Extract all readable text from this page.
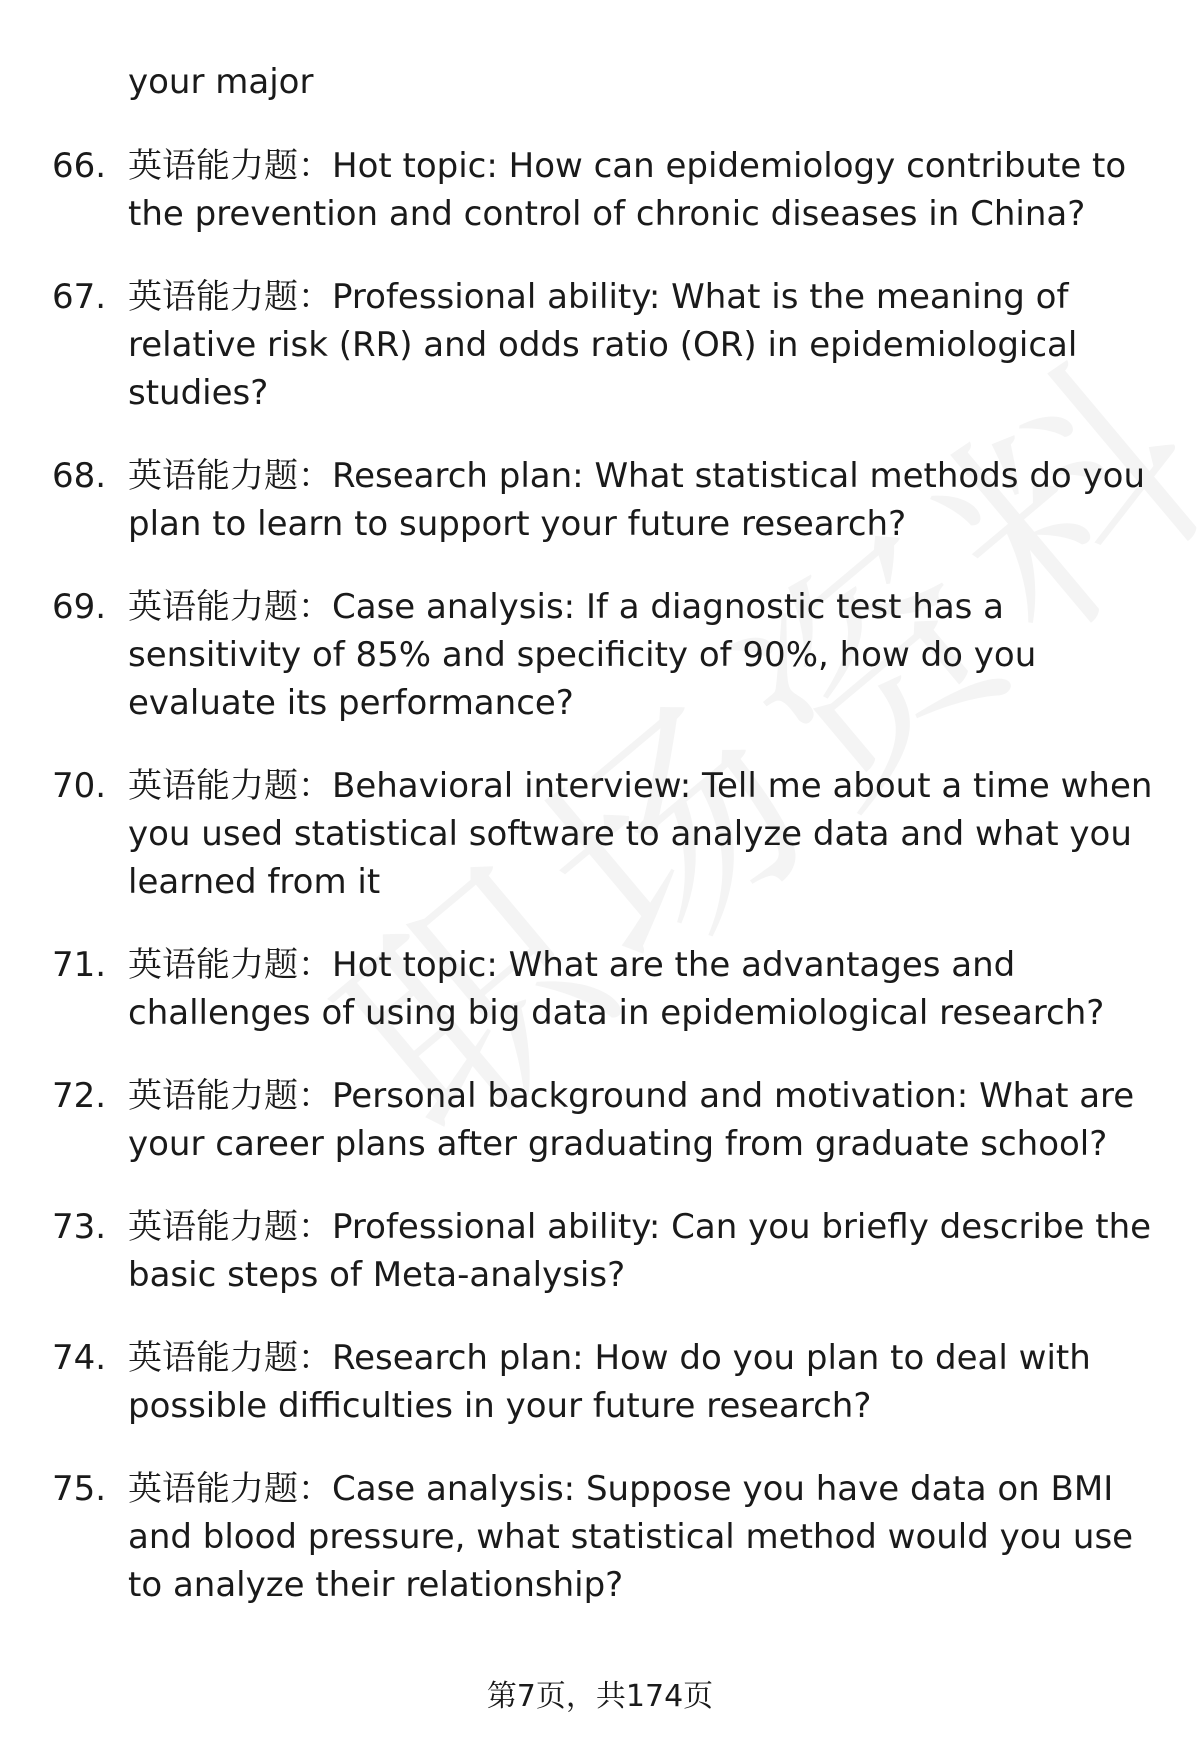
your major

66. 英语能力题：Hot topic: How can epidemiology contribute to the prevention and control of chronic diseases in China?
67. 英语能力题：Professional ability: What is the meaning of relative risk (RR) and odds ratio (OR) in epidemiological studies?
68. 英语能力题：Research plan: What statistical methods do you plan to learn to support your future research?
69. 英语能力题：Case analysis: If a diagnostic test has a sensitivity of 85% and specificity of 90%, how do you evaluate its performance?
70. 英语能力题：Behavioral interview: Tell me about a time when you used statistical software to analyze data and what you learned from it
71. 英语能力题：Hot topic: What are the advantages and challenges of using big data in epidemiological research?
72. 英语能力题：Personal background and motivation: What are your career plans after graduating from graduate school?
73. 英语能力题：Professional ability: Can you briefly describe the basic steps of Meta-analysis?
74. 英语能力题：Research plan: How do you plan to deal with possible difficulties in your future research?
75. 英语能力题：Case analysis: Suppose you have data on BMI and blood pressure, what statistical method would you use to analyze their relationship?
第7页，共174页
